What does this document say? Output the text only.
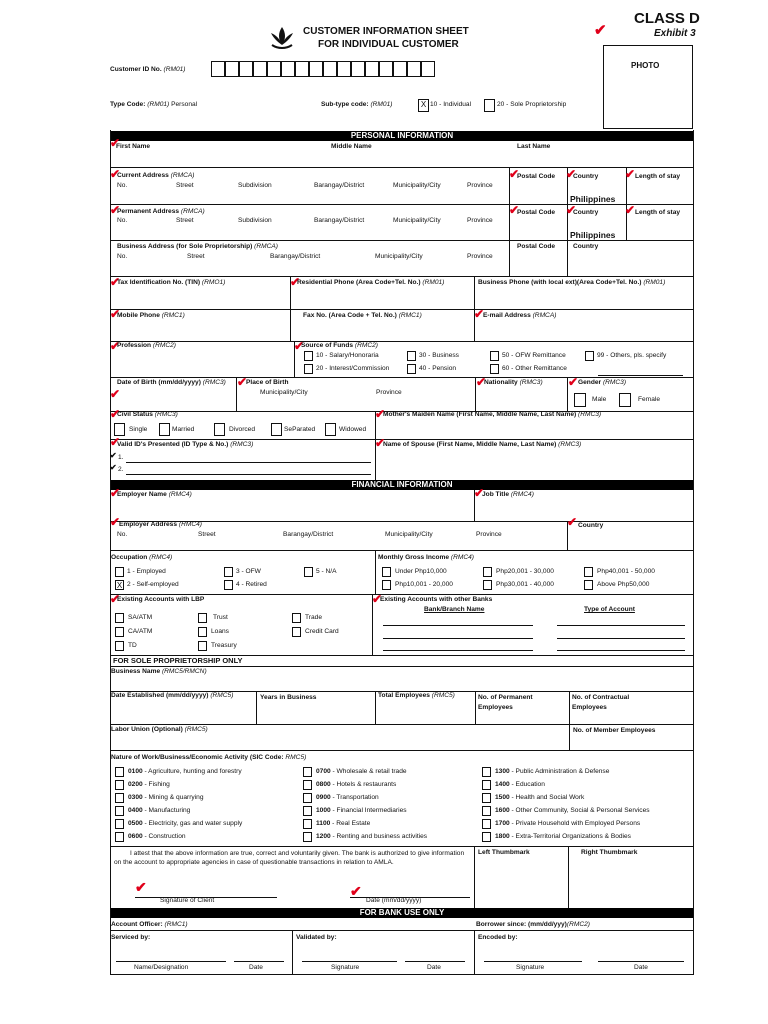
CUSTOMER INFORMATION SHEET
FOR INDIVIDUAL CUSTOMER
CLASS D
Exhibit 3
✔
PHOTO
Customer ID No. (RM01)
Type Code: (RM01) Personal	Sub-type code: (RM01)	X 10 - Individual	20 - Sole Proprietorship
PERSONAL INFORMATION
✔
First Name	Middle Name	Last Name
✔
Current Address (RMCA)
No.	Street	Subdivision	Barangay/District	Municipality/City	Province
✔
Postal Code ✔
Country
Philippines
✔ Length of stay
✔
Permanent Address (RMCA)
No.	Street	Subdivision	Barangay/District	Municipality/City	Province
✔
Postal Code ✔
Country
Philippines
✔ Length of stay
Business Address (for Sole Proprietorship) (RMCA)
No.	Street	Barangay/District	Municipality/City	Province
Postal Code	Country
✔
Tax Identification No. (TIN) (RMO1)	✔
Residential Phone (Area Code+Tel. No.) (RM01)	Business Phone (with local ext)(Area Code+Tel. No.) (RM01)
✔
Mobile Phone (RMC1)	Fax No. (Area Code + Tel. No.) (RMC1)	✔
E-mail Address (RMCA)
✔
Profession (RMC2)	✔
Source of Funds (RMC2)
10 - Salary/Honoraria
20 - Interest/Commission
30 - Business
40 - Pension
50 - OFW Remittance
60 - Other Remittance
99 - Others, pls. specify
Date of Birth (mm/dd/yyyy) (RMC3)
✔
✔
Place of Birth
Municipality/City	Province
✔
Nationality (RMC3) ✔ Gender (RMC3)
Male	Female
✔
Civil Status (RMC3)
Single	Married	Divorced	SeParated	Widowed
✔
Mother's Maiden Name (First Name, Middle Name, Last Name) (RMC3)
✔
Valid ID's Presented (ID Type & No.) (RMC3)
✔ 1.
✔ 2.
✔
Name of Spouse (First Name, Middle Name, Last Name) (RMC3)
FINANCIAL INFORMATION
✔
Employer Name (RMC4)	✔
Job Title (RMC4)
✔
Employer Address (RMC4)
No.	Street	Barangay/District	Municipality/City	Province
✔ Country
Occupation (RMC4)
1 - Employed
X 2 - Self-employed
3 - OFW
4 - Retired
5 - N/A
Monthly Gross Income (RMC4)
Under Php10,000
Php10,001 - 20,000
Php20,001 - 30,000
Php30,001 - 40,000
Php40,001 - 50,000
Above Php50,000
✔
Existing Accounts with LBP
SA/ATM
CA/ATM
TD
Trust
Loans
Treasury
Trade
Credit Card
✔
Existing Accounts with other Banks
Bank/Branch Name	Type of Account
FOR SOLE PROPRIETORSHIP ONLY
Business Name (RMC5/RMCN)
Date Established (mm/dd/yyyy) (RMC5)	Years in Business	Total Employees (RMC5)	No. of Permanent
Employees
No. of Contractual
Employees
Labor Union (Optional) (RMC5)	No. of Member Employees
Nature of Work/Business/Economic Activity (SIC Code: RMC5)
0100 - Agriculture, hunting and forestry
0200 - Fishing
0300 - Mining & quarrying
0400 - Manufacturing
0500 - Electricity, gas and water supply
0600 - Construction
0700 - Wholesale & retail trade
0800 - Hotels & restaurants
0900 - Transportation
1000 - Financial Intermediaries
1100 - Real Estate
1200 - Renting and business activities
1300 - Public Administration & Defense
1400 - Education
1500 - Health and Social Work
1600 - Other Community, Social & Personal Services
1700 - Private Household with Employed Persons
1800 - Extra-Territorial Organizations & Bodies
I attest that the above information are true, correct and voluntarily given. The bank is authorized to give information on the account to appropriate agencies in case of questionable transactions in relation to AMLA.
✔
Signature of Client
✔
Date (mm/dd/yyyy)
Left Thumbmark	Right Thumbmark
FOR BANK USE ONLY
Account Officer: (RMC1)	Borrower since: (mm/dd/yyy)(RMC2)
Serviced by:
Name/Designation	Date
Validated by:
Signature	Date
Encoded by:
Signature	Date
